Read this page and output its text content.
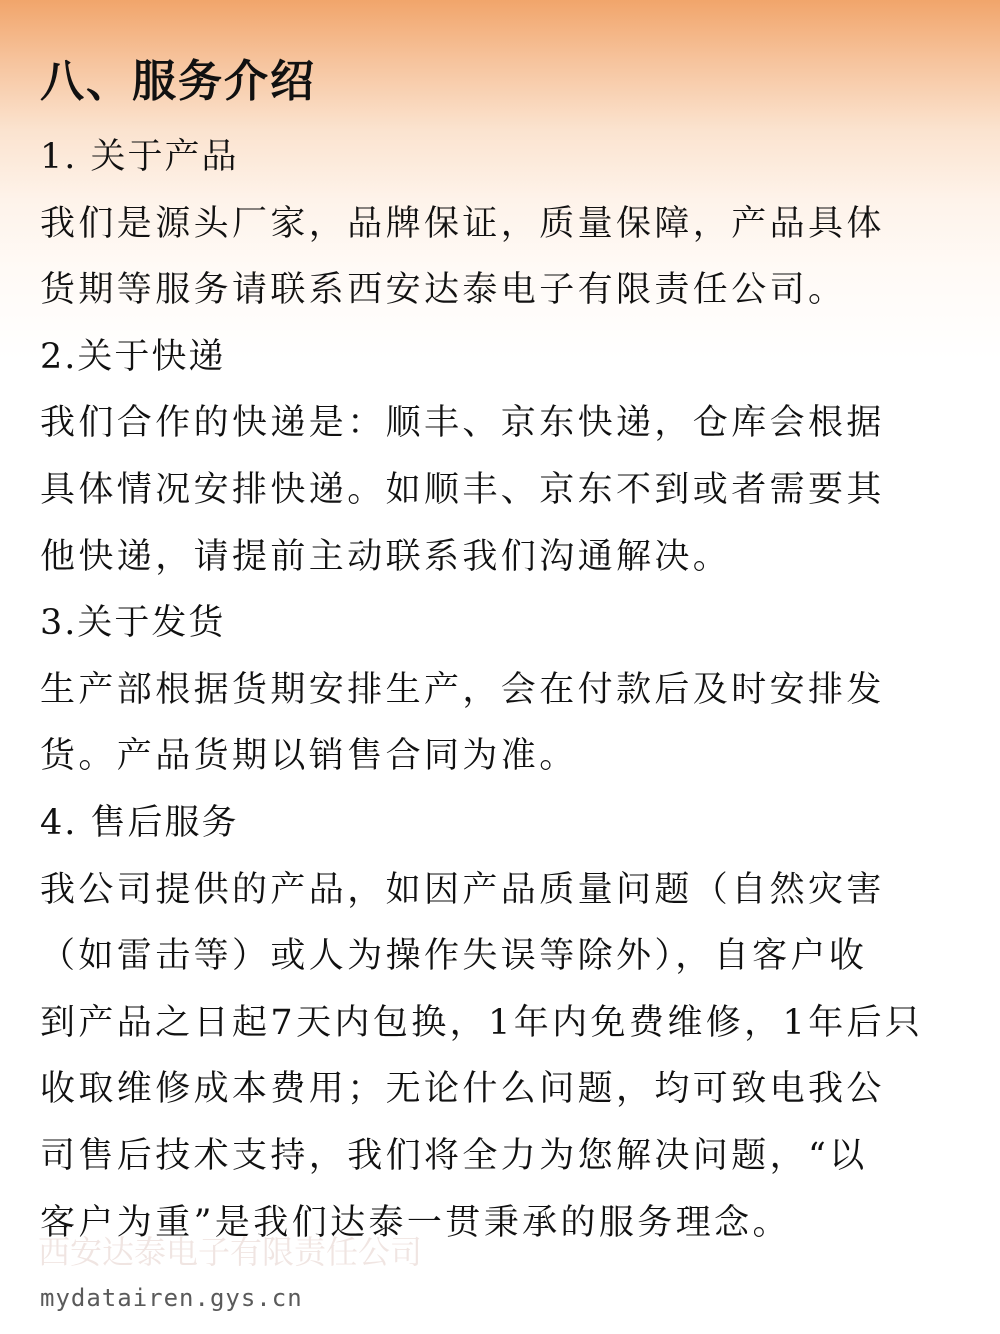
八、服务介绍

1. 关于产品

我们是源头厂家，品牌保证，质量保障，产品具体

货期等服务请联系西安达泰电子有限责任公司。

2.关于快递

我们合作的快递是：顺丰、京东快递，仓库会根据

具体情况安排快递。如顺丰、京东不到或者需要其

他快递，请提前主动联系我们沟通解决。

3.关于发货

生产部根据货期安排生产，会在付款后及时安排发

货。产品货期以销售合同为准。

4. 售后服务

我公司提供的产品，如因产品质量问题（自然灾害

（如雷击等）或人为操作失误等除外），自客户收

到产品之日起7天内包换，1年内免费维修，1年后只

收取维修成本费用；无论什么问题，均可致电我公

司售后技术支持，我们将全力为您解决问题，“以

客户为重”是我们达泰一贯秉承的服务理念。

西安达泰电子有限责任公司
mydatairen.gys.cn
